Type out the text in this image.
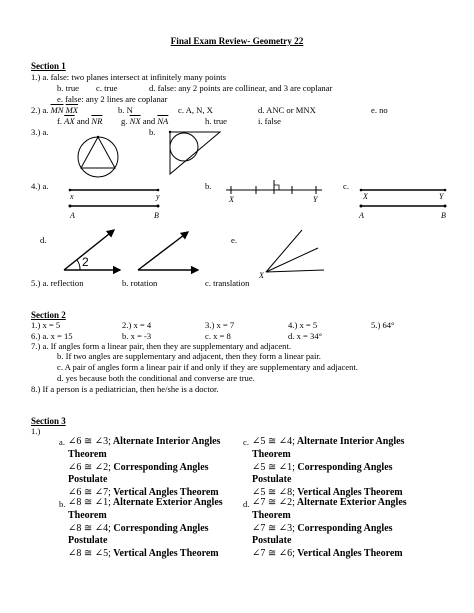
Final Exam Review- Geometry 22
Section 1
1.) a. false: two planes intersect at infinitely many points
b. true c. true	d. false: any 2 points are collinear, and 3 are coplanar
e. false: any 2 lines are coplanar
2.) a. $\overline{MN}$ $\overline{MX}$	b. N	c. A, N, X	d. ANC or MNX	e. no
f. $\overline{AX}$ and $\overline{NR}$ g. $\overline{NX}$ and $\overline{NA}$	h. true	i. false
3.) a.	b.
4.) a.	b.	c.
x	y
A	B
X	Y	X	Y
A	B
d.	e.
2
X
5.) a. reflection	b. rotation	c. translation
Section 2
1.) x = 5	2.) x = 4	3.) x = 7	4.) x = 5	5.) 64°
6.) a. x = 15	b. x = -3	c. x = 8	d. x = 34°
7.) a. If angles form a linear pair, then they are supplementary and adjacent.
b. If two angles are supplementary and adjacent, then they form a linear pair.
c. A pair of angles form a linear pair if and only if they are supplementary and adjacent.
d. yes because both the conditional and converse are true.
8.) If a person is a pediatrician, then he/she is a doctor.
Section 3
1.)
a. ∠6 ≅ ∠3; Alternate Interior Angles
Theorem
∠6 ≅ ∠2; Corresponding Angles
Postulate
∠6 ≅ ∠7; Vertical Angles Theorem
b. ∠8 ≅ ∠1; Alternate Exterior Angles
Theorem
∠8 ≅ ∠4; Corresponding Angles
Postulate
∠8 ≅ ∠5; Vertical Angles Theorem
c. ∠5 ≅ ∠4; Alternate Interior Angles
Theorem
∠5 ≅ ∠1; Corresponding Angles
Postulate
∠5 ≅ ∠8; Vertical Angles Theorem
d. ∠7 ≅ ∠2; Alternate Exterior Angles
Theorem
∠7 ≅ ∠3; Corresponding Angles
Postulate
∠7 ≅ ∠6; Vertical Angles Theorem
